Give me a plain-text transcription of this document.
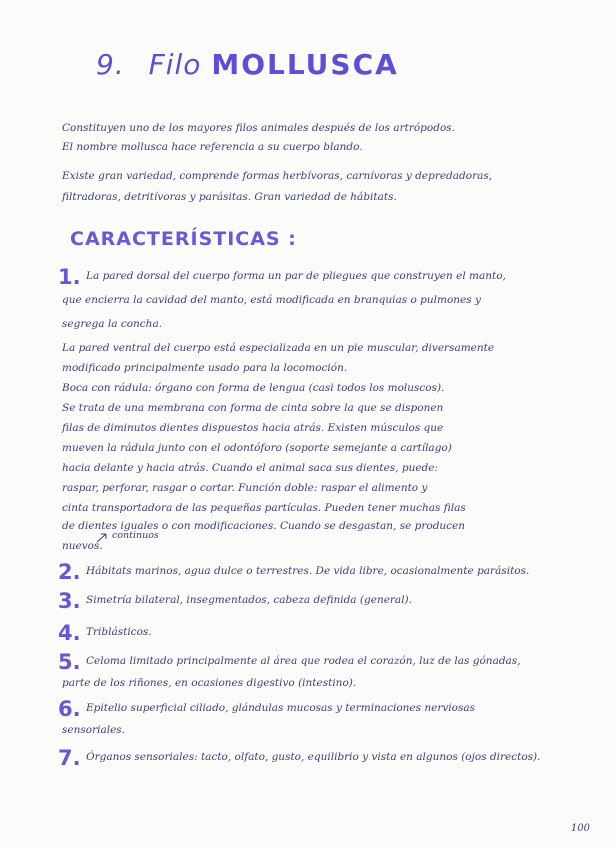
9. Filo MOLLUSCA
Constituyen uno de los mayores filos animales después de los artrópodos.
El nombre mollusca hace referencia a su cuerpo blando.
Existe gran variedad, comprende formas herbívoras, carnívoras y depredadoras,
filtradoras, detritívoras y parásitas. Gran variedad de hábitats.
CARACTERÍSTICAS :
1. La pared dorsal del cuerpo forma un par de pliegues que construyen el manto,
que encierra la cavidad del manto, está modificada en branquias o pulmones y
segrega la concha.
La pared ventral del cuerpo está especializada en un pie muscular, diversamente
modificado principalmente usado para la locomoción.
Boca con rádula: órgano con forma de lengua (casi todos los moluscos).
Se trata de una membrana con forma de cinta sobre la que se disponen
filas de diminutos dientes dispuestos hacia atrás. Existen músculos que
mueven la rádula junto con el odontóforo (soporte semejante a cartílago)
hacia delante y hacia atrás. Cuando el animal saca sus dientes, puede:
raspar, perforar, rasgar o cortar. Función doble: raspar el alimento y
cinta transportadora de las pequeñas partículas. Pueden tener muchas filas
de dientes iguales o con modificaciones. Cuando se desgastan, se producen
nuevos.
continuos
2. Hábitats marinos, agua dulce o terrestres. De vida libre, ocasionalmente parásitos.
3. Simetría bilateral, insegmentados, cabeza definida (general).
4. Triblásticos.
5. Celoma limitado principalmente al área que rodea el corazón, luz de las gónadas,
parte de los riñones, en ocasiones digestivo (intestino).
6. Epitelio superficial ciliado, glándulas mucosas y terminaciones nerviosas
sensoriales.
7. Órganos sensoriales: tacto, olfato, gusto, equilibrio y vista en algunos (ojos directos).
100
